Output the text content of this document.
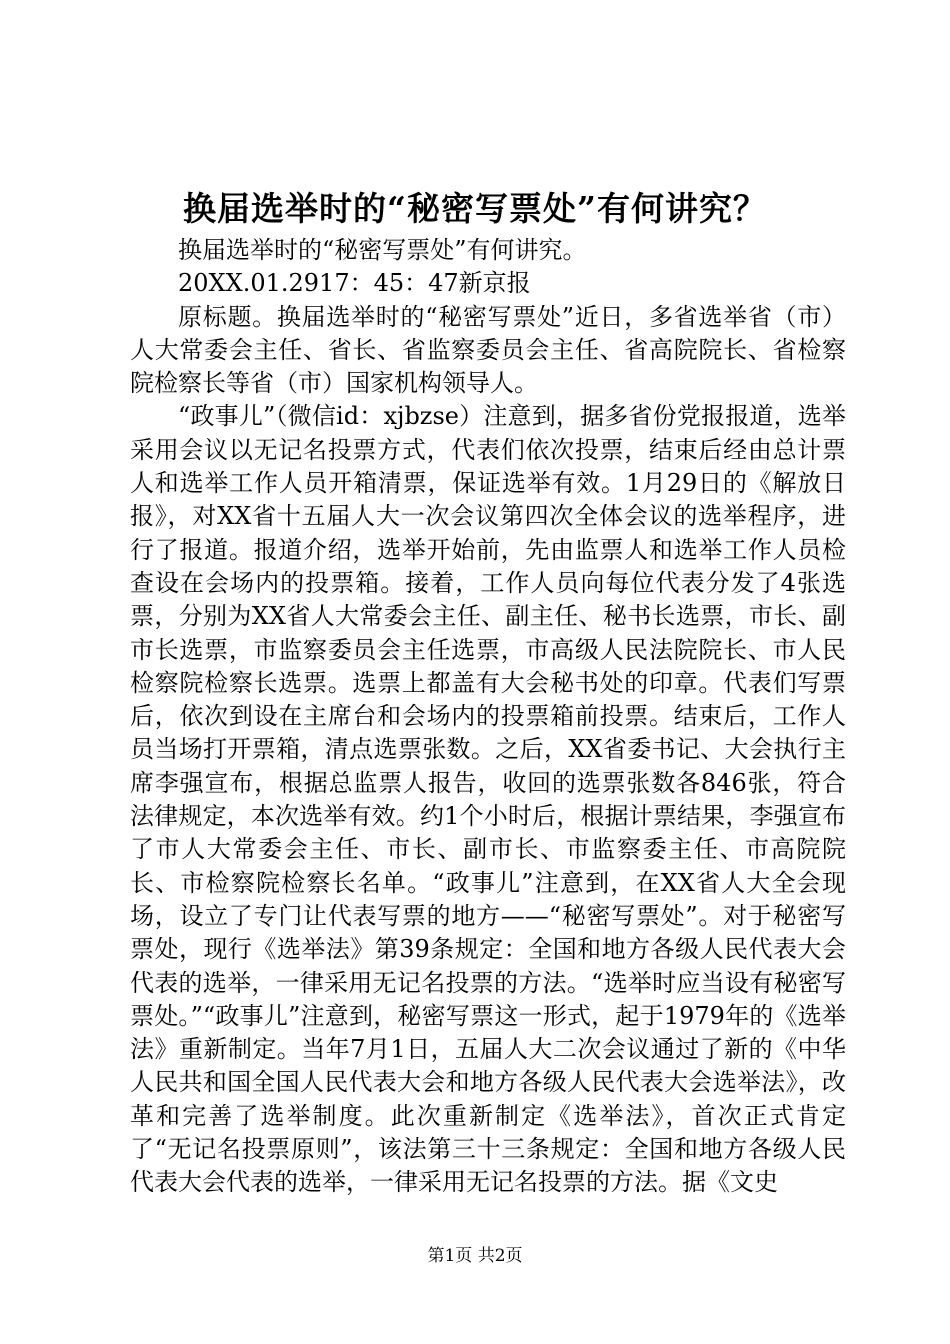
换届选举时的“秘密写票处”有何讲究？

换届选举时的“秘密写票处”有何讲究。

20XX.01.2917：45：47新京报

原标题。换届选举时的“秘密写票处”近日，多省选举省（市）人大常委会主任、省长、省监察委员会主任、省高院院长、省检察院检察长等省（市）国家机构领导人。

“政事儿”（微信id：xjbzse）注意到，据多省份党报报道，选举采用会议以无记名投票方式，代表们依次投票，结束后经由总计票人和选举工作人员开箱清票，保证选举有效。1月29日的《解放日报》，对XX省十五届人大一次会议第四次全体会议的选举程序，进行了报道。报道介绍，选举开始前，先由监票人和选举工作人员检查设在会场内的投票箱。接着，工作人员向每位代表分发了4张选票，分别为XX省人大常委会主任、副主任、秘书长选票，市长、副市长选票，市监察委员会主任选票，市高级人民法院院长、市人民检察院检察长选票。选票上都盖有大会秘书处的印章。代表们写票后，依次到设在主席台和会场内的投票箱前投票。结束后，工作人员当场打开票箱，清点选票张数。之后，XX省委书记、大会执行主席李强宣布，根据总监票人报告，收回的选票张数各846张，符合法律规定，本次选举有效。约1个小时后，根据计票结果，李强宣布了市人大常委会主任、市长、副市长、市监察委主任、市高院院长、市检察院检察长名单。“政事儿”注意到，在XX省人大全会现场，设立了专门让代表写票的地方——“秘密写票处”。对于秘密写票处，现行《选举法》第39条规定：全国和地方各级人民代表大会代表的选举，一律采用无记名投票的方法。“选举时应当设有秘密写票处。”“政事儿”注意到，秘密写票这一形式，起于1979年的《选举法》重新制定。当年7月1日，五届人大二次会议通过了新的《中华人民共和国全国人民代表大会和地方各级人民代表大会选举法》，改革和完善了选举制度。此次重新制定《选举法》，首次正式肯定了“无记名投票原则”，该法第三十三条规定：全国和地方各级人民代表大会代表的选举，一律采用无记名投票的方法。据《文史

第1页 共2页
